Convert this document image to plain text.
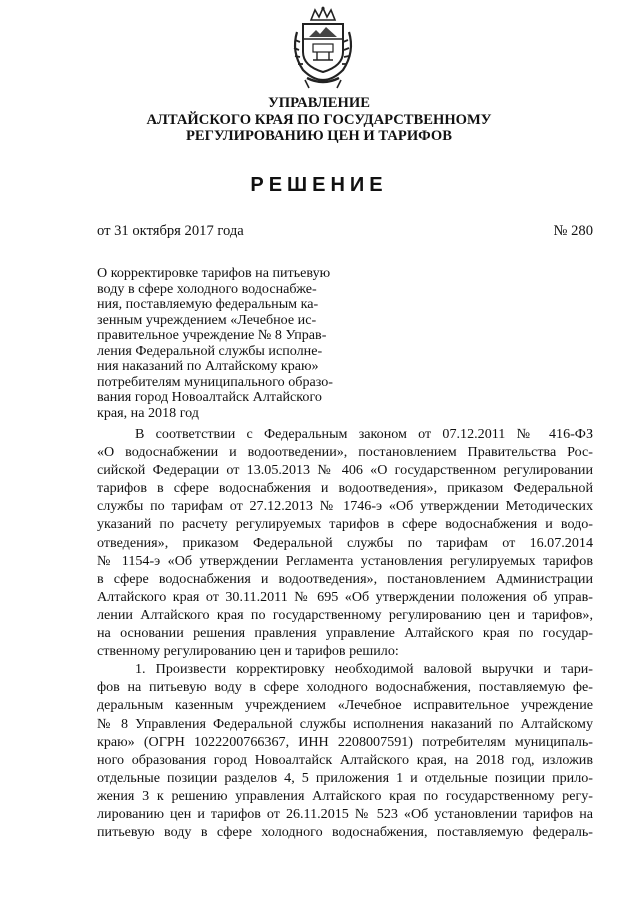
УПРАВЛЕНИЕ
АЛТАЙСКОГО КРАЯ ПО ГОСУДАРСТВЕННОМУ
РЕГУЛИРОВАНИЮ ЦЕН И ТАРИФОВ
РЕШЕНИЕ
от 31 октября 2017 года	№ 280
О корректировке тарифов на питьевую
воду в сфере холодного водоснабже-
ния, поставляемую федеральным ка-
зенным учреждением «Лечебное ис-
правительное учреждение № 8 Управ-
ления Федеральной службы исполне-
ния наказаний по Алтайскому краю»
потребителям муниципального образо-
вания город Новоалтайск Алтайского
края, на 2018 год
В соответствии с Федеральным законом от 07.12.2011 № 416-ФЗ
«О водоснабжении и водоотведении», постановлением Правительства Рос-
сийской Федерации от 13.05.2013 № 406 «О государственном регулировании
тарифов в сфере водоснабжения и водоотведения», приказом Федеральной
службы по тарифам от 27.12.2013 № 1746-э «Об утверждении Методических
указаний по расчету регулируемых тарифов в сфере водоснабжения и водо-
отведения», приказом Федеральной службы по тарифам от 16.07.2014
№ 1154-э «Об утверждении Регламента установления регулируемых тарифов
в сфере водоснабжения и водоотведения», постановлением Администрации
Алтайского края от 30.11.2011 № 695 «Об утверждении положения об управ-
лении Алтайского края по государственному регулированию цен и тарифов»,
на основании решения правления управление Алтайского края по государ-
ственному регулированию цен и тарифов решило:
1. Произвести корректировку необходимой валовой выручки и тари-
фов на питьевую воду в сфере холодного водоснабжения, поставляемую фе-
деральным казенным учреждением «Лечебное исправительное учреждение
№ 8 Управления Федеральной службы исполнения наказаний по Алтайскому
краю» (ОГРН 1022200766367, ИНН 2208007591) потребителям муниципаль-
ного образования город Новоалтайск Алтайского края, на 2018 год, изложив
отдельные позиции разделов 4, 5 приложения 1 и отдельные позиции прило-
жения 3 к решению управления Алтайского края по государственному регу-
лированию цен и тарифов от 26.11.2015 № 523 «Об установлении тарифов на
питьевую воду в сфере холодного водоснабжения, поставляемую федераль-
